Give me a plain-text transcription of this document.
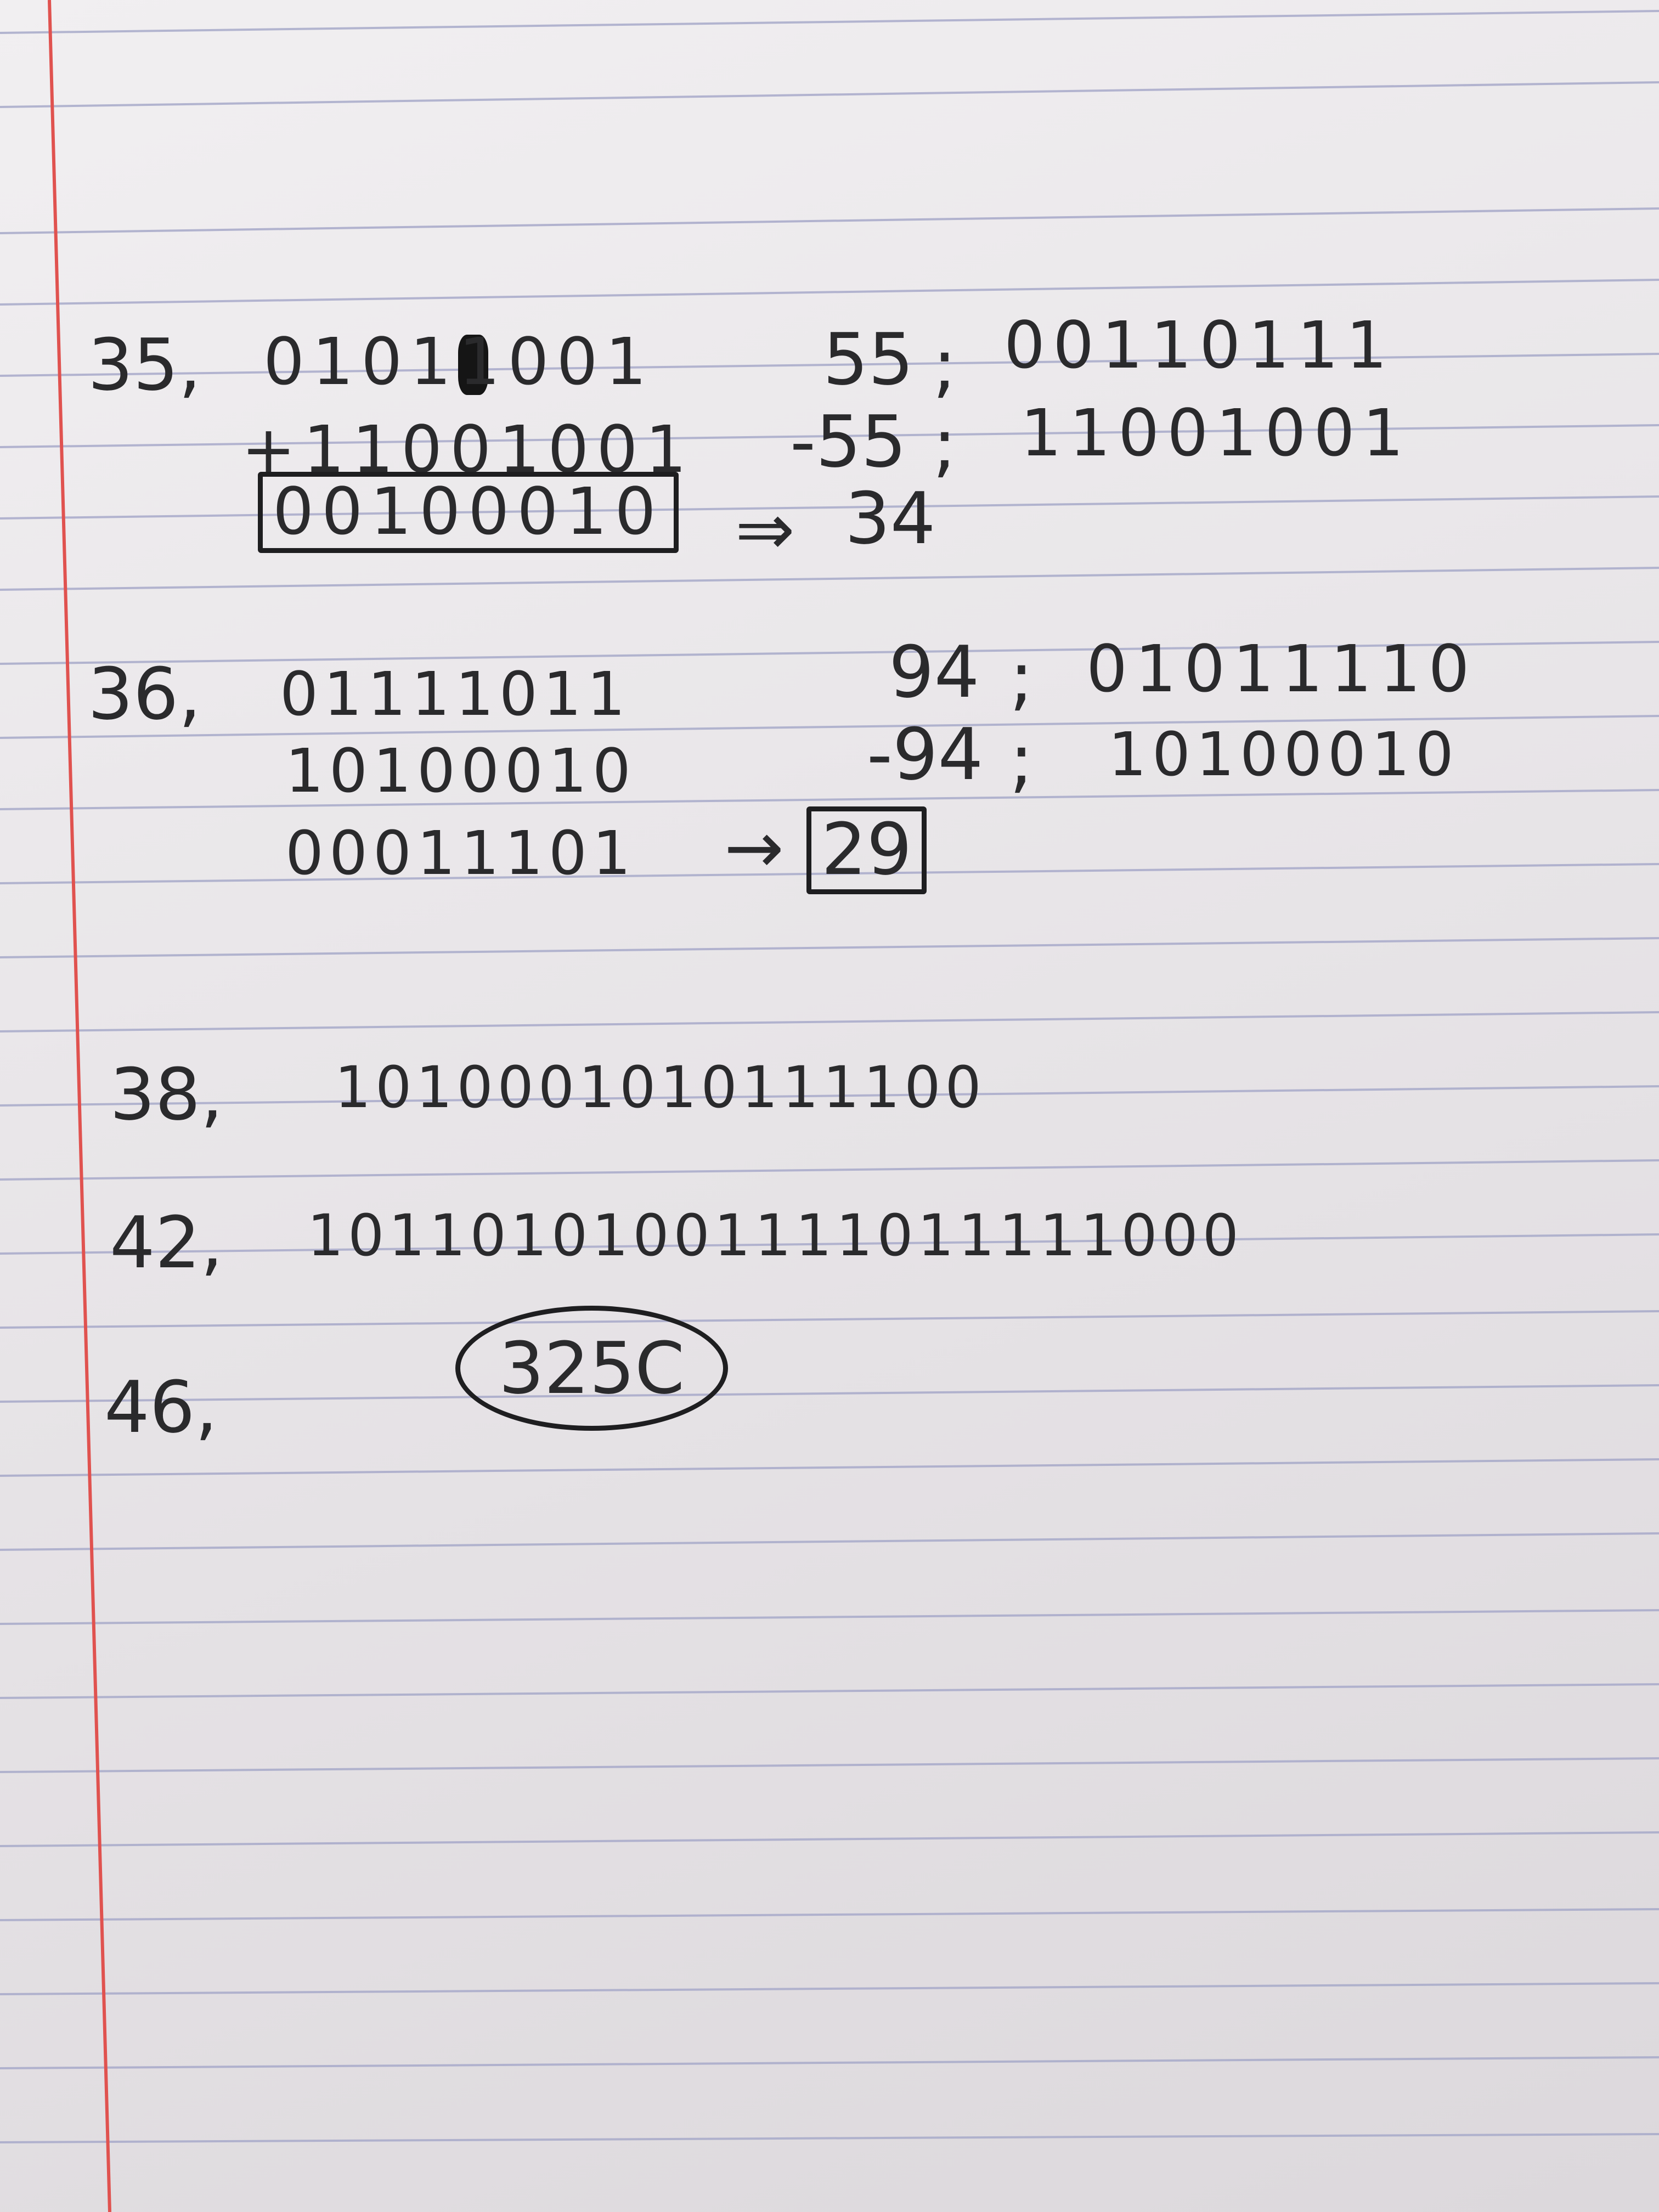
35, 01011001
+11001001
00100010 ⇒ 34
55 ; 00110111
-55 ; 11001001
36, 01111011
10100010
00011101 → 29
94 ; 01011110
-94 ; 10100010
38, 1010001010111100
42, 10110101001111011111000
46,	325C
